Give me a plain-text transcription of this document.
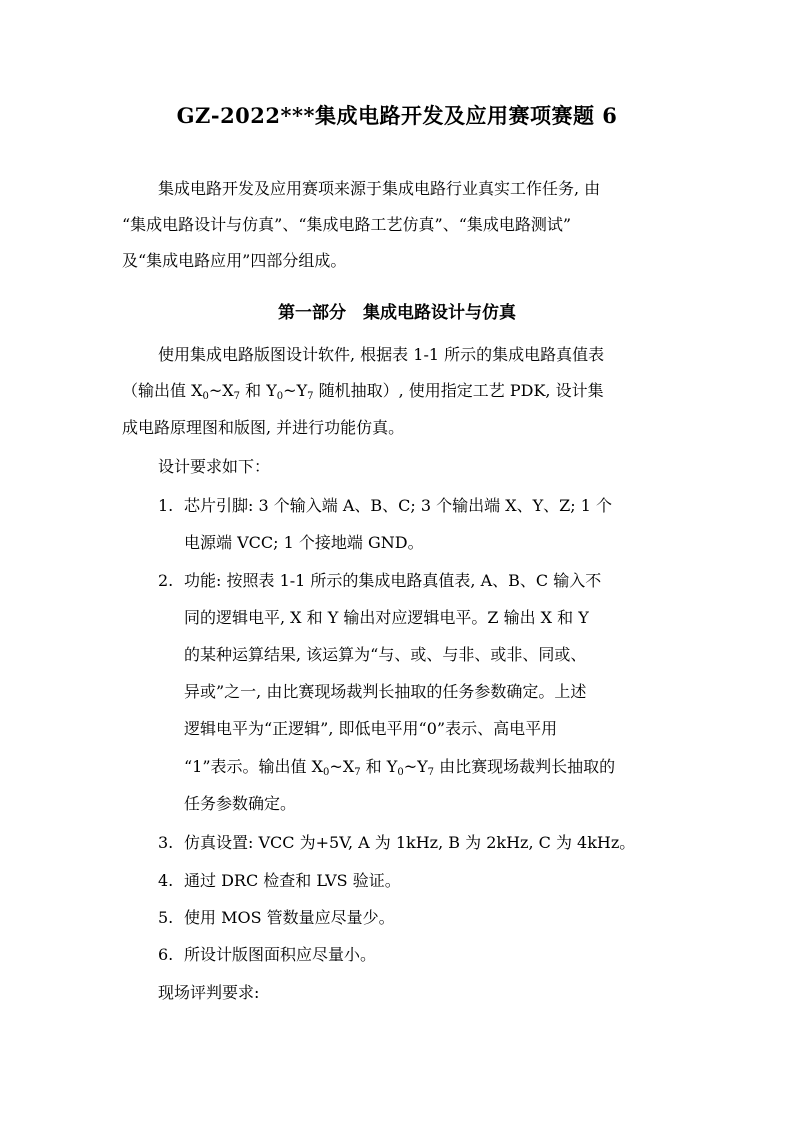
GZ-2022***集成电路开发及应用赛项赛题 6
集成电路开发及应用赛项来源于集成电路行业真实工作任务, 由
“集成电路设计与仿真”、“集成电路工艺仿真”、“集成电路测试”
及“集成电路应用”四部分组成。
第一部分　集成电路设计与仿真
使用集成电路版图设计软件, 根据表 1-1 所示的集成电路真值表
（输出值 $X_0\sim X_7$ 和 $Y_0\sim Y_7$ 随机抽取）, 使用指定工艺 PDK, 设计集
成电路原理图和版图, 并进行功能仿真。
设计要求如下：
1. 芯片引脚: 3 个输入端 A、B、C; 3 个输出端 X、Y、Z; 1 个
电源端 VCC; 1 个接地端 GND。
2. 功能: 按照表 1-1 所示的集成电路真值表, A、B、C 输入不
同的逻辑电平, X 和 Y 输出对应逻辑电平。Z 输出 X 和 Y
的某种运算结果, 该运算为“与、或、与非、或非、同或、
异或”之一, 由比赛现场裁判长抽取的任务参数确定。上述
逻辑电平为“正逻辑”, 即低电平用“0”表示、高电平用
“1”表示。输出值 $X_0\sim X_7$ 和 $Y_0\sim Y_7$ 由比赛现场裁判长抽取的
任务参数确定。
3. 仿真设置: VCC 为+5V, A 为 1kHz, B 为 2kHz, C 为 4kHz。
4. 通过 DRC 检查和 LVS 验证。
5. 使用 MOS 管数量应尽量少。
6. 所设计版图面积应尽量小。
现场评判要求:
